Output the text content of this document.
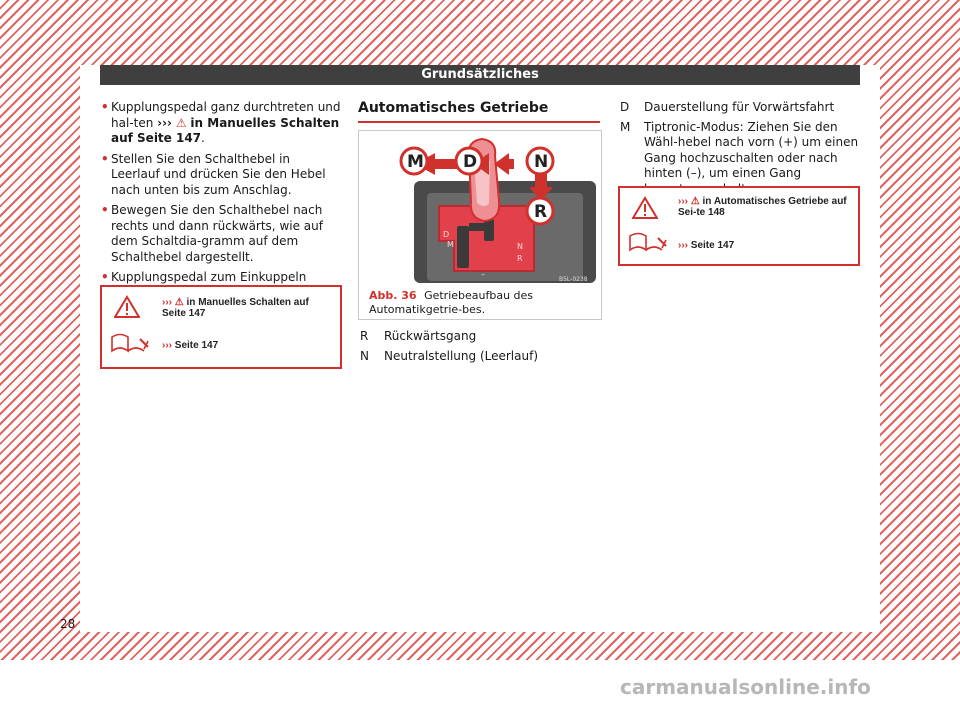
Grundsätzliches
• Kupplungspedal ganz durchtreten und hal-ten ››› ⚠ in Manuelles Schalten auf Seite 147.
• Stellen Sie den Schalthebel in Leerlauf und drücken Sie den Hebel nach unten bis zum Anschlag.
• Bewegen Sie den Schalthebel nach rechts und dann rückwärts, wie auf dem Schaltdia-gramm auf dem Schalthebel dargestellt.
• Kupplungspedal zum Einkuppeln
››› ⚠ in Manuelles Schalten auf Seite 147
››› Seite 147
Automatisches Getriebe
D
M	N
R
–
M D	N
R
B5L-0238
Abb. 36 Getriebeaufbau des Automatikgetrie-bes.
R Rückwärtsgang
N Neutralstellung (Leerlauf)
D Dauerstellung für Vorwärtsfahrt
M Tiptronic-Modus: Ziehen Sie den Wähl-hebel nach vorn (+) um einen Gang hochzuschalten oder nach hinten (–), um einen Gang
››› ⚠ in Automatisches Getriebe auf Sei-te 148
››› Seite 147
28
carmanualsonline.info
